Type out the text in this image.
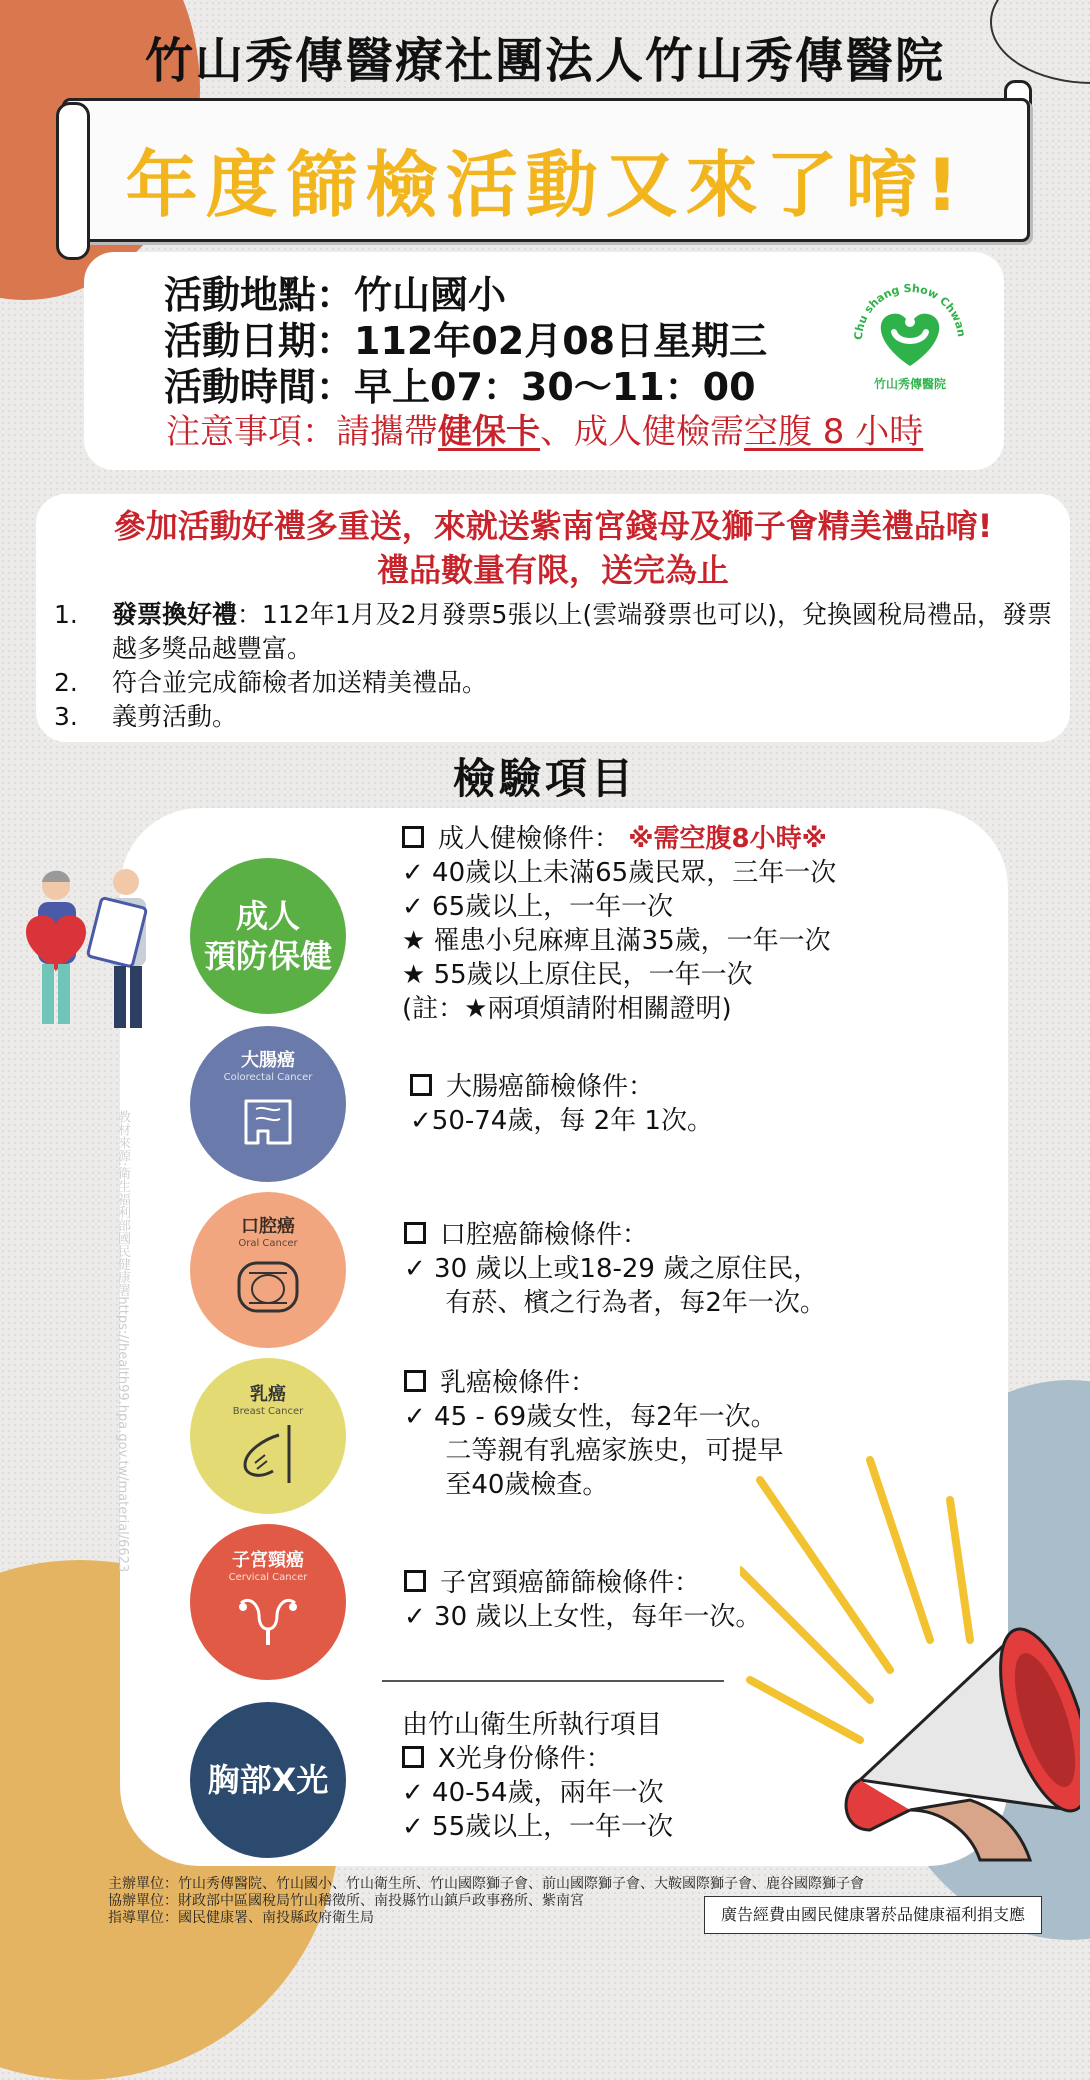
竹山秀傳醫療社團法人竹山秀傳醫院
年度篩檢活動又來了唷!
活動地點：竹山國小
活動日期：112年02月08日星期三
活動時間：早上07：30～11：00
注意事項：請攜帶健保卡、成人健檢需空腹 8 小時
Chu shang Show Chwan
竹山秀傳醫院
參加活動好禮多重送，來就送紫南宮錢母及獅子會精美禮品唷!
禮品數量有限，送完為止
1.	發票換好禮：112年1月及2月發票5張以上(雲端發票也可以)，兌換國稅局禮品，發票越多獎品越豐富。
2.	符合並完成篩檢者加送精美禮品。
3.	義剪活動。
檢驗項目
教材來源:衛生福利部國民健康署https://health99.hpa.gov.tw/material/6623
成人
預防保健
成人健檢條件： ※需空腹8小時※
✓ 40歲以上未滿65歲民眾，三年一次
✓ 65歲以上，一年一次
★ 罹患小兒麻痺且滿35歲，一年一次
★ 55歲以上原住民，一年一次
(註：★兩項煩請附相關證明)
大腸癌
Colorectal Cancer	大腸癌篩檢條件：
✓50-74歲，每 2年 1次。
口腔癌
Oral Cancer	口腔癌篩檢條件：
✓ 30 歲以上或18-29 歲之原住民，
有菸、檳之行為者，每2年一次。
乳癌
Breast Cancer
乳癌檢條件：
✓ 45 - 69歲女性，每2年一次。
二等親有乳癌家族史，可提早
至40歲檢查。
子宮頸癌
Cervical Cancer	子宮頸癌篩篩檢條件：
✓ 30 歲以上女性，每年一次。
胸部X光
由竹山衛生所執行項目
X光身份條件：
✓ 40-54歲，兩年一次
✓ 55歲以上，一年一次
主辦單位：竹山秀傳醫院、竹山國小、竹山衛生所、竹山國際獅子會、前山國際獅子會、大鞍國際獅子會、鹿谷國際獅子會
協辦單位：財政部中區國稅局竹山稽徵所、南投縣竹山鎮戶政事務所、紫南宮
指導單位：國民健康署、南投縣政府衛生局	廣告經費由國民健康署菸品健康福利捐支應
